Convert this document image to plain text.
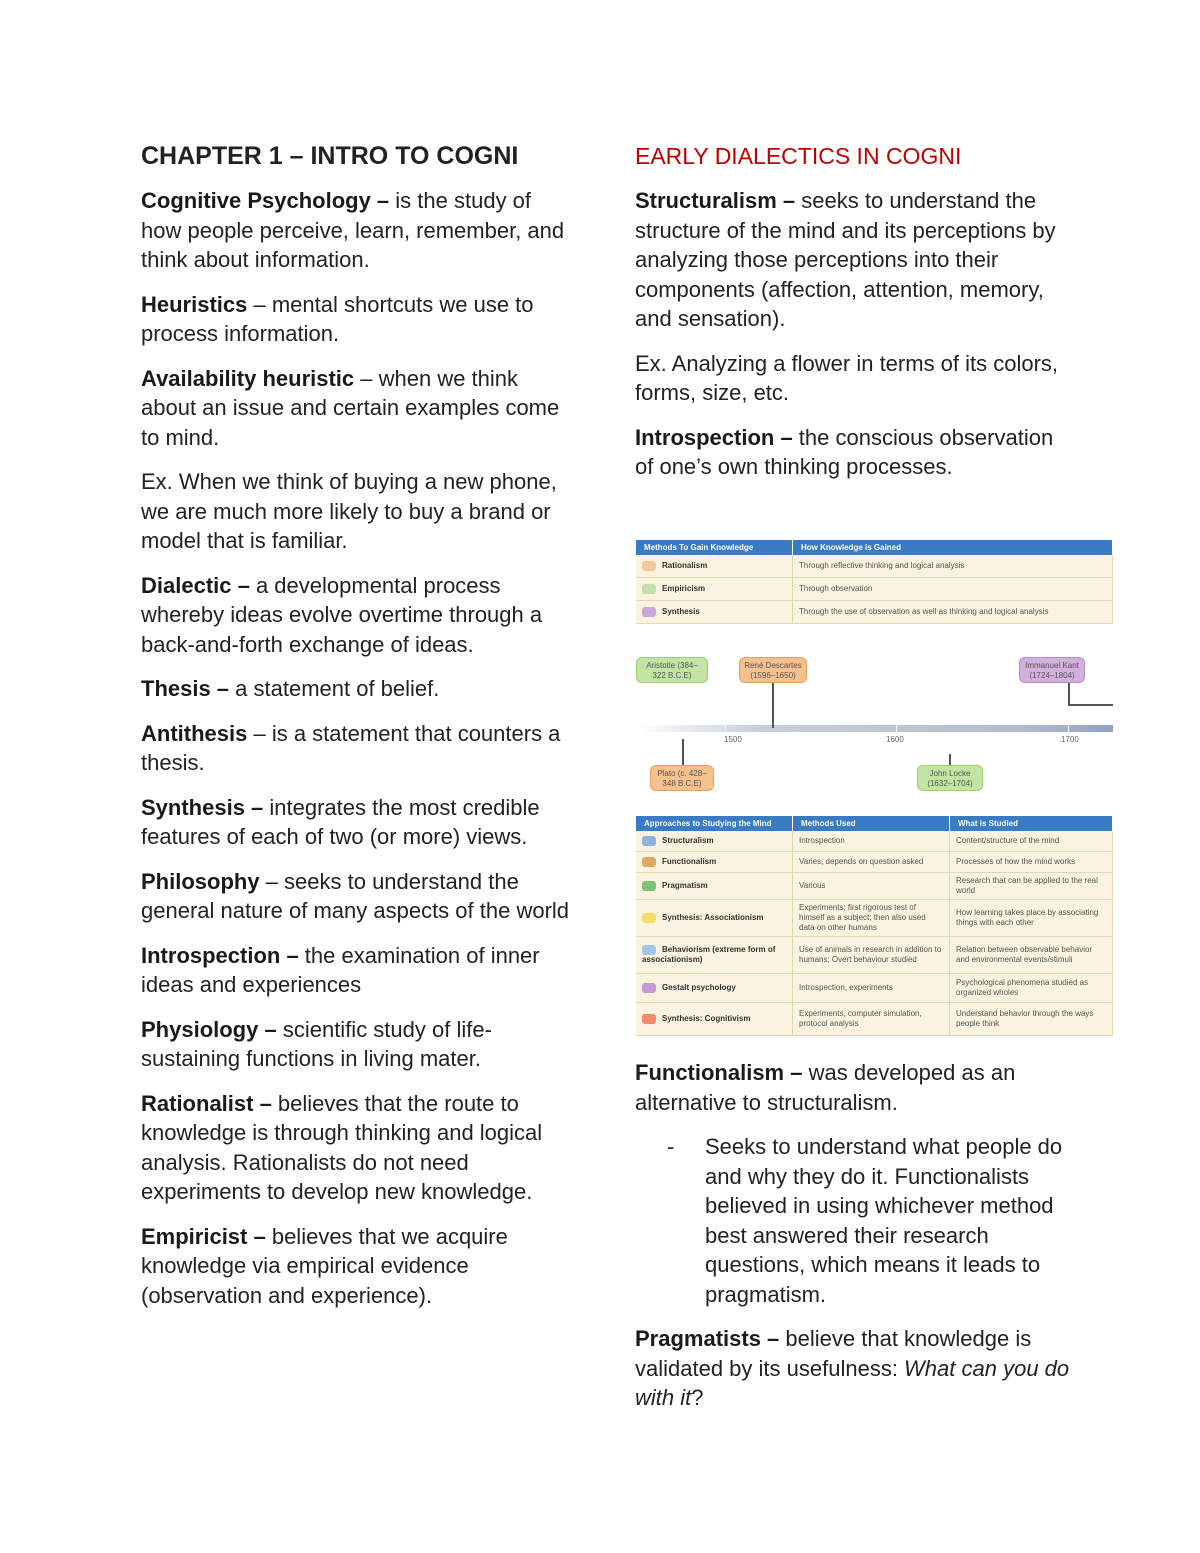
CHAPTER 1 – INTRO TO COGNI
Cognitive Psychology – is the study of how people perceive, learn, remember, and think about information.
Heuristics – mental shortcuts we use to process information.
Availability heuristic – when we think about an issue and certain examples come to mind.
Ex. When we think of buying a new phone, we are much more likely to buy a brand or model that is familiar.
Dialectic – a developmental process whereby ideas evolve overtime through a back-and-forth exchange of ideas.
Thesis – a statement of belief.
Antithesis – is a statement that counters a thesis.
Synthesis – integrates the most credible features of each of two (or more) views.
Philosophy – seeks to understand the general nature of many aspects of the world
Introspection – the examination of inner ideas and experiences
Physiology – scientific study of life-sustaining functions in living mater.
Rationalist – believes that the route to knowledge is through thinking and logical analysis. Rationalists do not need experiments to develop new knowledge.
Empiricist – believes that we acquire knowledge via empirical evidence (observation and experience).
EARLY DIALECTICS IN COGNI
Structuralism – seeks to understand the structure of the mind and its perceptions by analyzing those perceptions into their components (affection, attention, memory, and sensation).
Ex. Analyzing a flower in terms of its colors, forms, size, etc.
Introspection – the conscious observation of one’s own thinking processes.
Methods To Gain Knowledge	How Knowledge is Gained
Rationalism	Through reflective thinking and logical analysis
Empiricism	Through observation
Synthesis	Through the use of observation as well as thinking and logical analysis
Aristotle (384–322 B.C.E)
René Descartes (1596–1650)
Immanuel Kant (1724–1804)
Plato (c. 428–348 B.C.E)
John Locke (1632–1704)
1500	1600	1700
Approaches to Studying the Mind	Methods Used	What is Studied
Structuralism	Introspection	Content/structure of the mind
Functionalism	Varies; depends on question asked	Processes of how the mind works
Pragmatism	Various	Research that can be applied to the real world
Synthesis: Associationism	Experiments; first rigorous test of himself as a subject; then also used data on other humans	How learning takes place by associating things with each other
Behaviorism (extreme form of associationism)	Use of animals in research in addition to humans; Overt behaviour studied	Relation between observable behavior and environmental events/stimuli
Gestalt psychology	Introspection, experiments	Psychological phenomena studied as organized wholes
Synthesis: Cognitivism	Experiments, computer simulation, protocol analysis	Understand behavior through the ways people think
Functionalism – was developed as an alternative to structuralism.
-	Seeks to understand what people do and why they do it. Functionalists believed in using whichever method best answered their research questions, which means it leads to pragmatism.
Pragmatists – believe that knowledge is validated by its usefulness: What can you do with it?
